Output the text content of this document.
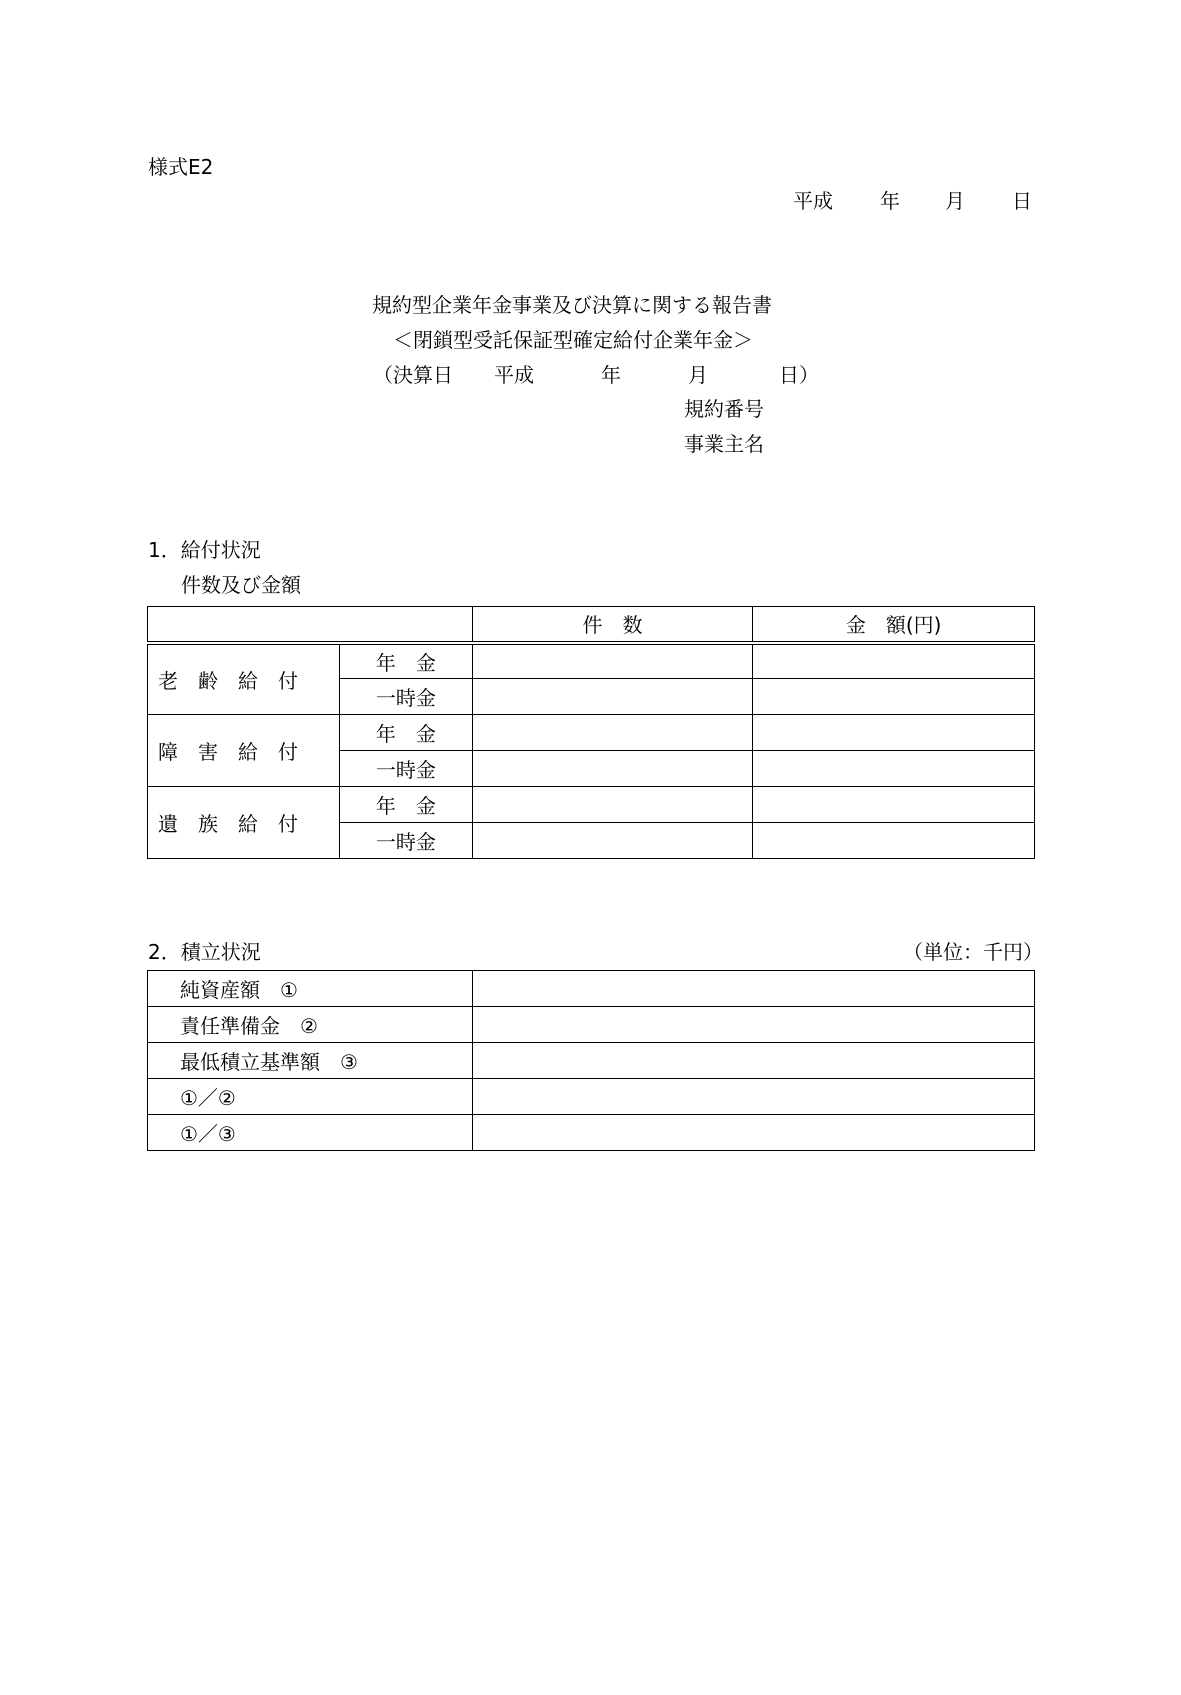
様式E2
平成 年 月 日
規約型企業年金事業及び決算に関する報告書
＜閉鎖型受託保証型確定給付企業年金＞
（決算日 平成	年	月	日）
規約番号
事業主名
1．給付状況
件数及び金額
		件　数	金　額(円)
老　齢　給　付	年　金		
	一時金		
障　害　給　付	年　金		
	一時金		
遺　族　給　付	年　金		
	一時金		
2．積立状況	（単位：千円）
純資産額　①	
責任準備金　②	
最低積立基準額　③	
①／②	
①／③	
